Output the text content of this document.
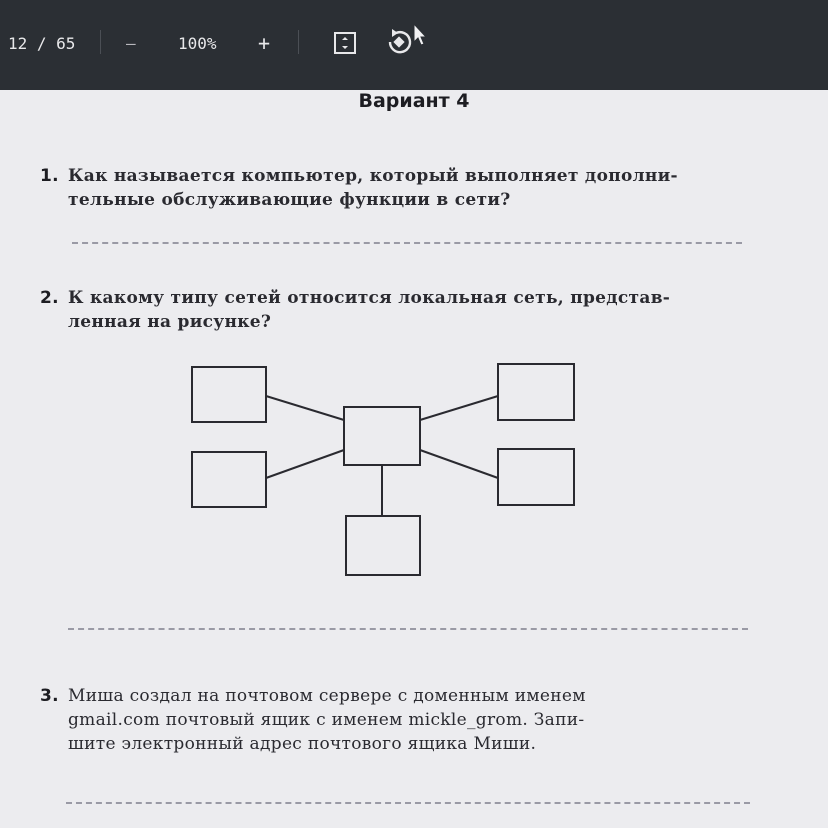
12 / 65	—	100% +
Вариант 4
1. Как называется компьютер, который выполняет дополни-
тельные обслуживающие функции в сети?
2. К какому типу сетей относится локальная сеть, представ-
ленная на рисунке?
3. Миша создал на почтовом сервере с доменным именем
gmail.com почтовый ящик с именем mickle_grom. Запи-
шите электронный адрес почтового ящика Миши.
